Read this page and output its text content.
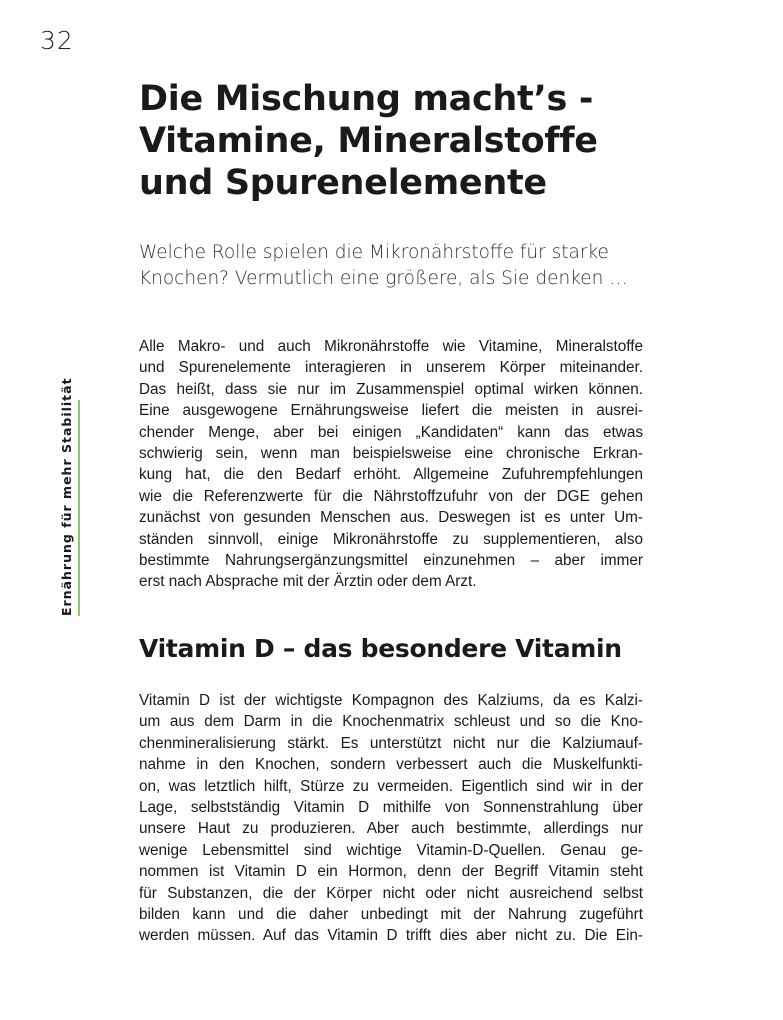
32
Ernährung für mehr Stabilität
Die Mischung macht’s -
Vitamine, Mineralstoffe
und Spurenelemente
Welche Rolle spielen die Mikronährstoffe für starke
Knochen? Vermutlich eine größere, als Sie denken …
Alle Makro- und auch Mikronährstoffe wie Vitamine, Mineralstoffe
und Spurenelemente interagieren in unserem Körper miteinander.
Das heißt, dass sie nur im Zusammenspiel optimal wirken können.
Eine ausgewogene Ernährungsweise liefert die meisten in ausrei-
chender Menge, aber bei einigen „Kandidaten“ kann das etwas
schwierig sein, wenn man beispielsweise eine chronische Erkran-
kung hat, die den Bedarf erhöht. Allgemeine Zufuhrempfehlungen
wie die Referenzwerte für die Nährstoffzufuhr von der DGE gehen
zunächst von gesunden Menschen aus. Deswegen ist es unter Um-
ständen sinnvoll, einige Mikronährstoffe zu supplementieren, also
bestimmte Nahrungsergänzungsmittel einzunehmen – aber immer
erst nach Absprache mit der Ärztin oder dem Arzt.
Vitamin D – das besondere Vitamin
Vitamin D ist der wichtigste Kompagnon des Kalziums, da es Kalzi-
um aus dem Darm in die Knochenmatrix schleust und so die Kno-
chenmineralisierung stärkt. Es unterstützt nicht nur die Kalziumauf-
nahme in den Knochen, sondern verbessert auch die Muskelfunkti-
on, was letztlich hilft, Stürze zu vermeiden. Eigentlich sind wir in der
Lage, selbstständig Vitamin D mithilfe von Sonnenstrahlung über
unsere Haut zu produzieren. Aber auch bestimmte, allerdings nur
wenige Lebensmittel sind wichtige Vitamin-D-Quellen. Genau ge-
nommen ist Vitamin D ein Hormon, denn der Begriff Vitamin steht
für Substanzen, die der Körper nicht oder nicht ausreichend selbst
bilden kann und die daher unbedingt mit der Nahrung zugeführt
werden müssen. Auf das Vitamin D trifft dies aber nicht zu. Die Ein-
